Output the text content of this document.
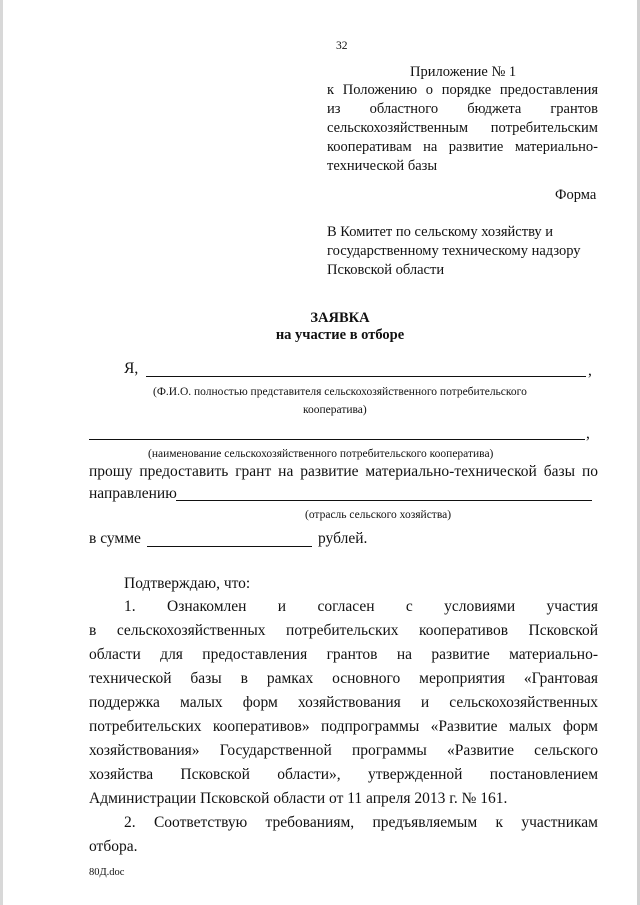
32
Приложение № 1
к Положению о порядке предоставления
из областного бюджета грантов
сельскохозяйственным потребительским
кооперативам на развитие материально-
технической базы
Форма
В Комитет по сельскому хозяйству и
государственному техническому надзору
Псковской области
ЗАЯВКА
на участие в отборе
Я,	,
(Ф.И.О. полностью представителя сельскохозяйственного потребительского
кооператива)
,
(наименование сельскохозяйственного потребительского кооператива)
прошу предоставить грант на развитие материально-технической базы по
направлению
(отрасль сельского хозяйства)
в сумме	рублей.
Подтверждаю, что:
1. Ознакомлен и согласен с условиями участия
в сельскохозяйственных потребительских кооперативов Псковской
области для предоставления грантов на развитие материально-
технической базы в рамках основного мероприятия «Грантовая
поддержка малых форм хозяйствования и сельскохозяйственных
потребительских кооперативов» подпрограммы «Развитие малых форм
хозяйствования» Государственной программы «Развитие сельского
хозяйства Псковской области», утвержденной постановлением
Администрации Псковской области от 11 апреля 2013 г. № 161.
2. Соответствую требованиям, предъявляемым к участникам
отбора.
80Д.doc
